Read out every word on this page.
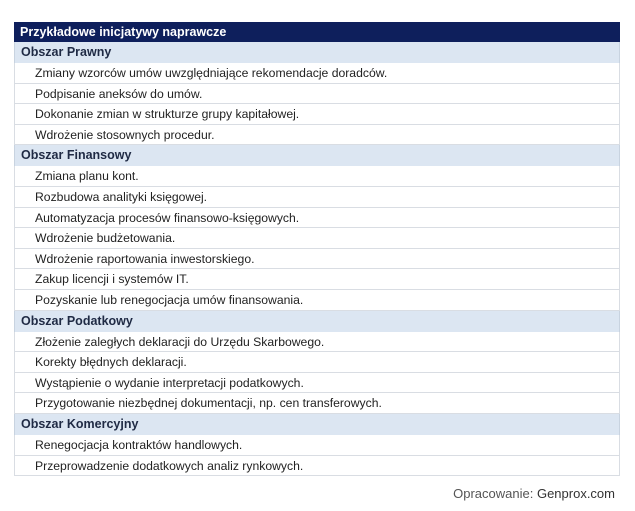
Przykładowe inicjatywy naprawcze
Obszar Prawny
Zmiany wzorców umów uwzględniające rekomendacje doradców.
Podpisanie aneksów do umów.
Dokonanie zmian w strukturze grupy kapitałowej.
Wdrożenie stosownych procedur.
Obszar Finansowy
Zmiana planu kont.
Rozbudowa analityki księgowej.
Automatyzacja procesów finansowo-księgowych.
Wdrożenie budżetowania.
Wdrożenie raportowania inwestorskiego.
Zakup licencji i systemów IT.
Pozyskanie lub renegocjacja umów finansowania.
Obszar Podatkowy
Złożenie zaległych deklaracji do Urzędu Skarbowego.
Korekty błędnych deklaracji.
Wystąpienie o wydanie interpretacji podatkowych.
Przygotowanie niezbędnej dokumentacji, np. cen transferowych.
Obszar Komercyjny
Renegocjacja kontraktów handlowych.
Przeprowadzenie dodatkowych analiz rynkowych.
Opracowanie: Genprox.com
